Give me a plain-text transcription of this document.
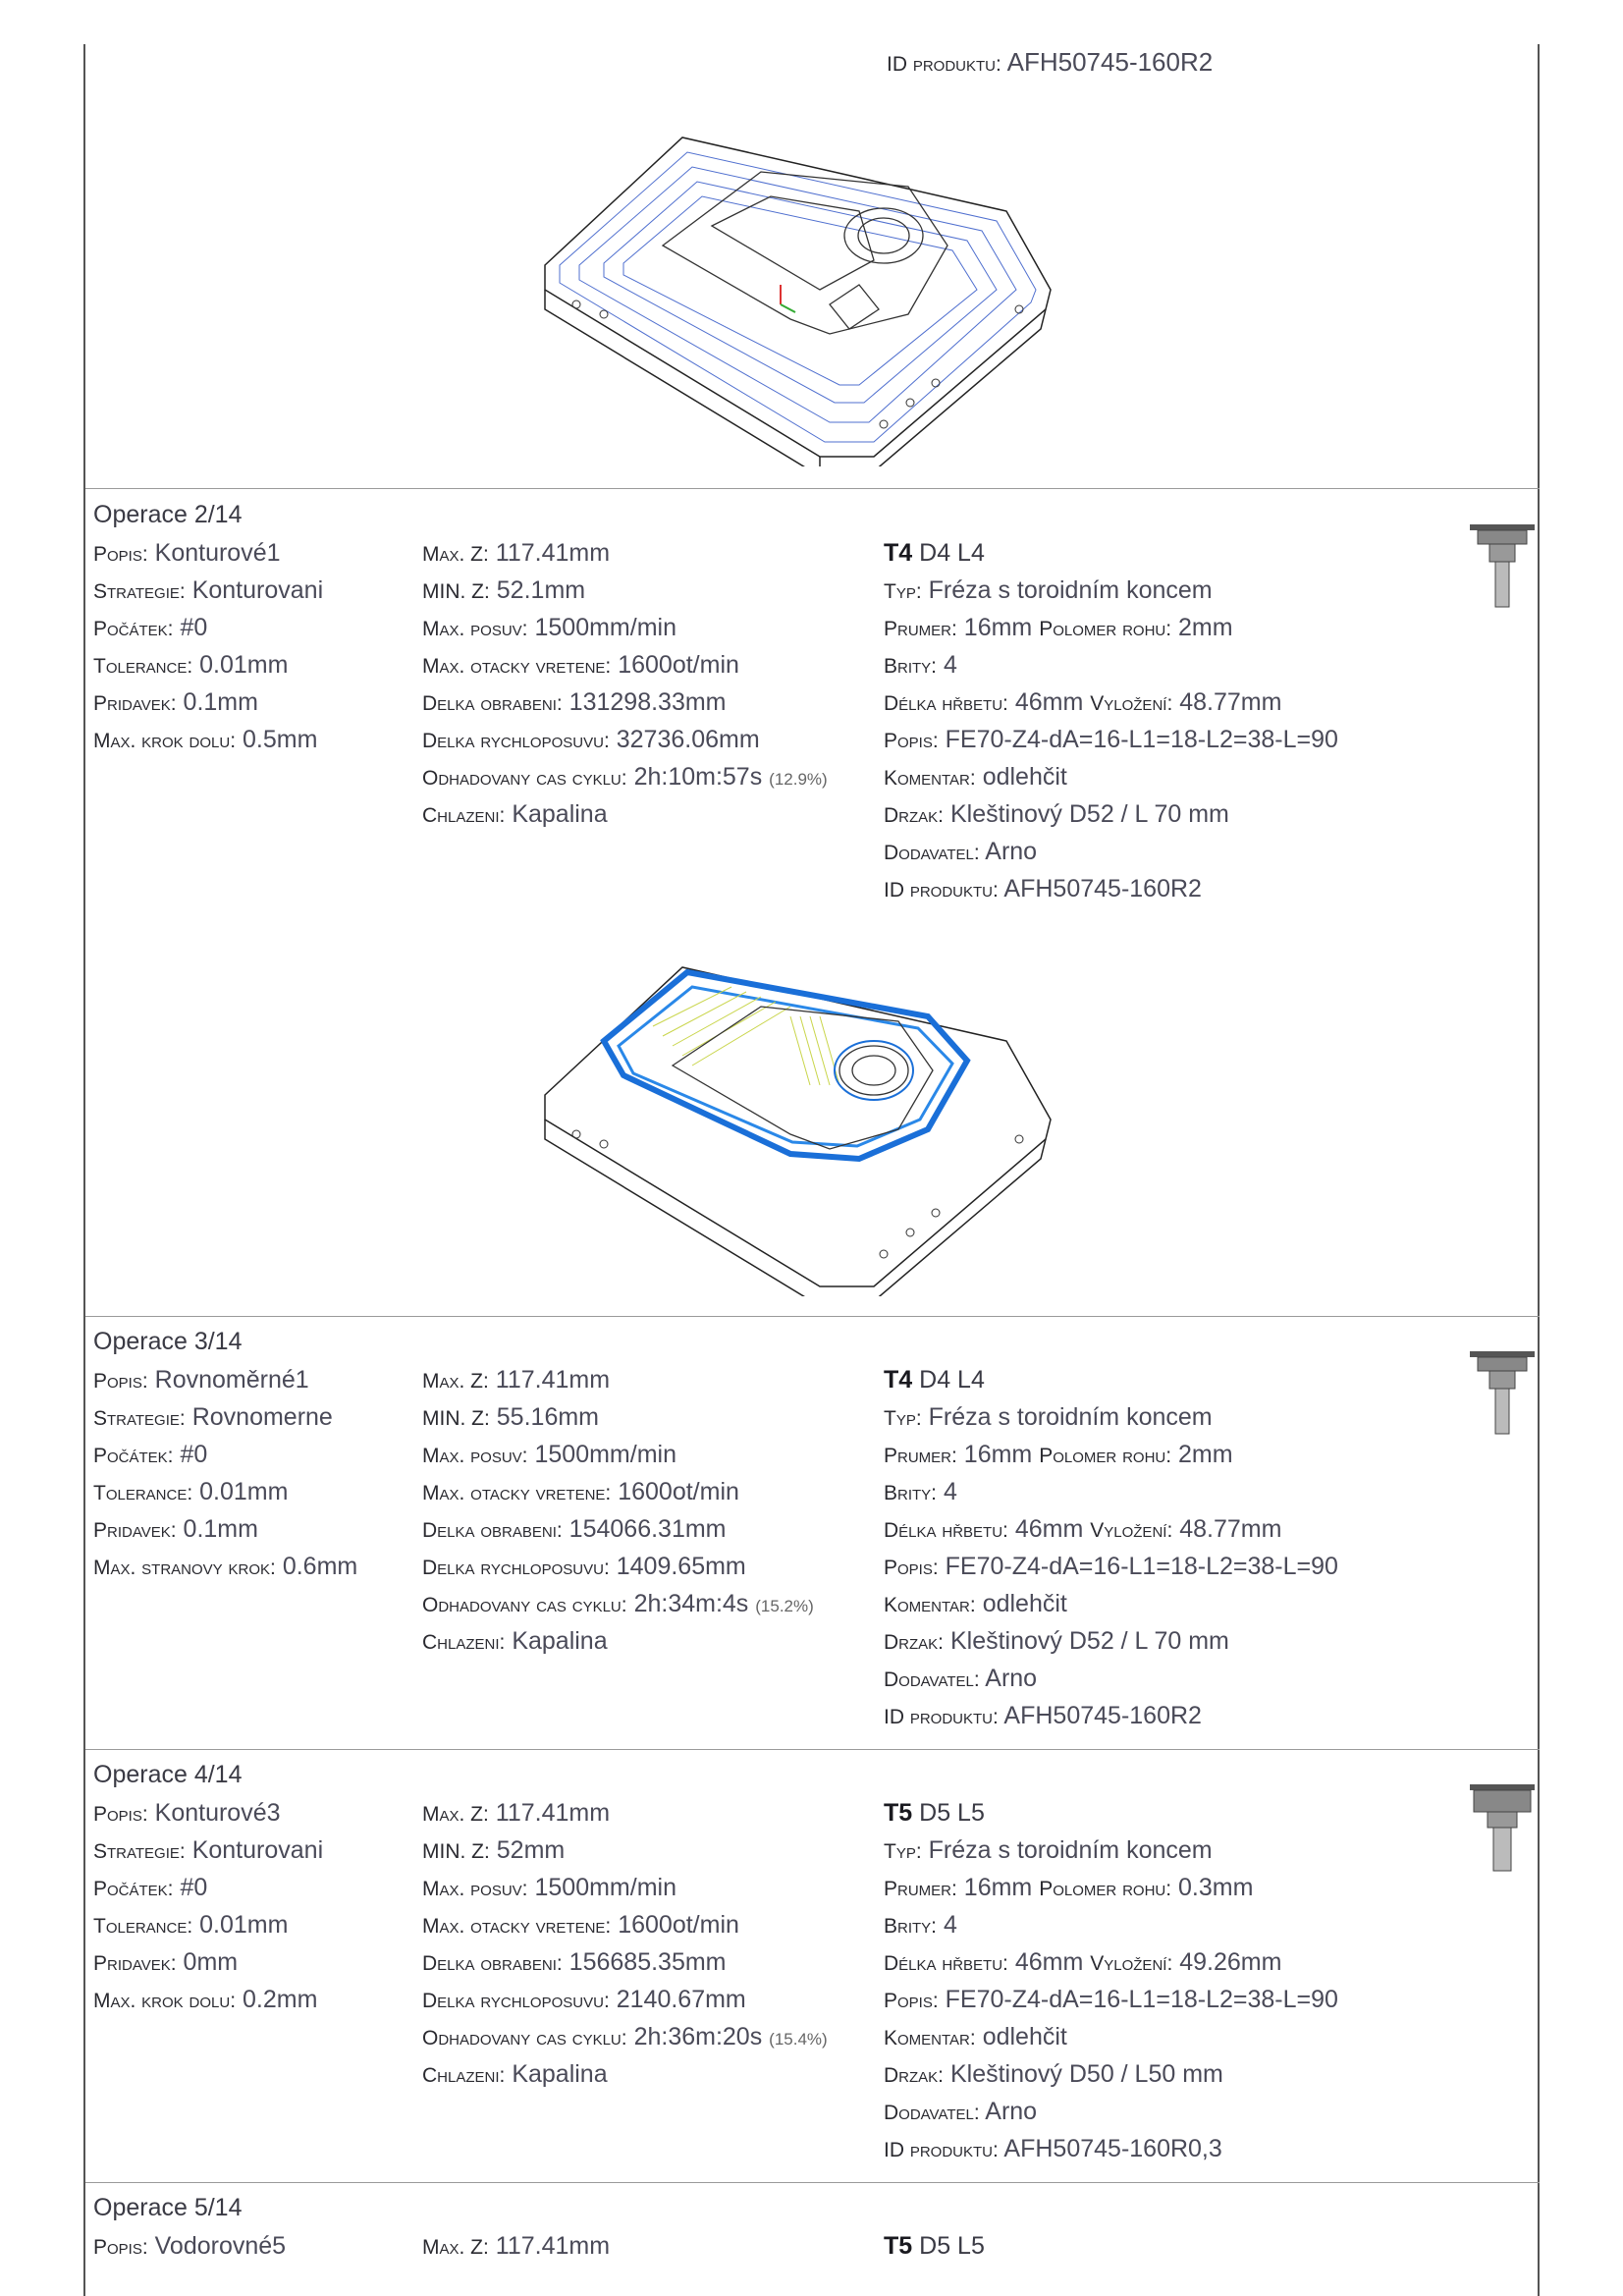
ID produktu: AFH50745-160R2
Operace 2/14
Popis: Konturové1
Strategie: Konturovani
Počátek: #0
Tolerance: 0.01mm
Pridavek: 0.1mm
Max. krok dolu: 0.5mm
Max. Z: 117.41mm
MIN. Z: 52.1mm
Max. posuv: 1500mm/min
Max. otacky vretene: 1600ot/min
Delka obrabeni: 131298.33mm
Delka rychloposuvu: 32736.06mm
Odhadovany cas cyklu: 2h:10m:57s (12.9%)
Chlazeni: Kapalina
T4 D4 L4
Typ: Fréza s toroidním koncem
Prumer: 16mm Polomer rohu: 2mm
Brity: 4
Délka hřbetu: 46mm Vyložení: 48.77mm
Popis: FE70-Z4-dA=16-L1=18-L2=38-L=90
Komentar: odlehčit
Drzak: Kleštinový D52 / L 70 mm
Dodavatel: Arno
ID produktu: AFH50745-160R2
Operace 3/14
Popis: Rovnoměrné1
Strategie: Rovnomerne
Počátek: #0
Tolerance: 0.01mm
Pridavek: 0.1mm
Max. stranovy krok: 0.6mm
Max. Z: 117.41mm
MIN. Z: 55.16mm
Max. posuv: 1500mm/min
Max. otacky vretene: 1600ot/min
Delka obrabeni: 154066.31mm
Delka rychloposuvu: 1409.65mm
Odhadovany cas cyklu: 2h:34m:4s (15.2%)
Chlazeni: Kapalina
T4 D4 L4
Typ: Fréza s toroidním koncem
Prumer: 16mm Polomer rohu: 2mm
Brity: 4
Délka hřbetu: 46mm Vyložení: 48.77mm
Popis: FE70-Z4-dA=16-L1=18-L2=38-L=90
Komentar: odlehčit
Drzak: Kleštinový D52 / L 70 mm
Dodavatel: Arno
ID produktu: AFH50745-160R2
Operace 4/14
Popis: Konturové3
Strategie: Konturovani
Počátek: #0
Tolerance: 0.01mm
Pridavek: 0mm
Max. krok dolu: 0.2mm
Max. Z: 117.41mm
MIN. Z: 52mm
Max. posuv: 1500mm/min
Max. otacky vretene: 1600ot/min
Delka obrabeni: 156685.35mm
Delka rychloposuvu: 2140.67mm
Odhadovany cas cyklu: 2h:36m:20s (15.4%)
Chlazeni: Kapalina
T5 D5 L5
Typ: Fréza s toroidním koncem
Prumer: 16mm Polomer rohu: 0.3mm
Brity: 4
Délka hřbetu: 46mm Vyložení: 49.26mm
Popis: FE70-Z4-dA=16-L1=18-L2=38-L=90
Komentar: odlehčit
Drzak: Kleštinový D50 / L50 mm
Dodavatel: Arno
ID produktu: AFH50745-160R0,3
Operace 5/14
Popis: Vodorovné5	Max. Z: 117.41mm	T5 D5 L5
